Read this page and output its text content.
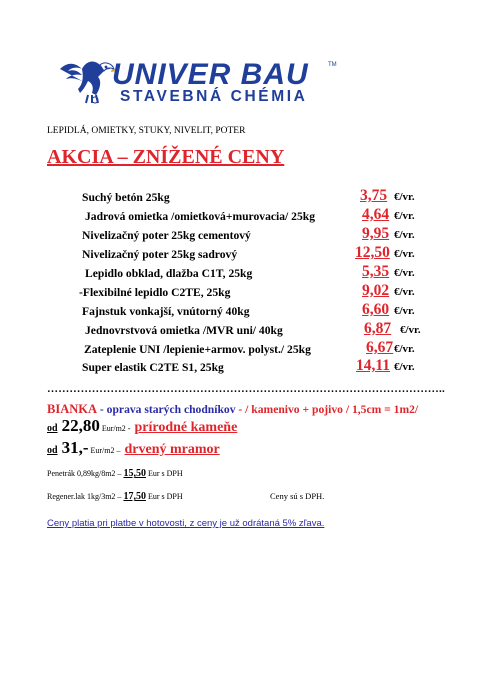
UNIVER BAU	TM
STAVEBNÁ CHÉMIA
LEPIDLÁ, OMIETKY, STUKY, NIVELIT, POTER
AKCIA – ZNÍŽENÉ CENY
Suchý betón 25kg	3,75 €/vr.
Jadrová omietka /omietková+murovacia/ 25kg	4,64 €/vr.
Nivelizačný poter 25kg cementový	9,95 €/vr.
Nivelizačný poter 25kg sadrový	12,50 €/vr.
Lepidlo obklad, dlažba C1T, 25kg	5,35 €/vr.
-Flexibilné lepidlo C2TE, 25kg	9,02 €/vr.
Fajnstuk vonkajší, vnútorný 40kg	6,60 €/vr.
Jednovrstvová omietka /MVR uni/ 40kg	6,87 €/vr.
Zateplenie UNI /lepienie+armov. polyst./ 25kg	6,67 €/vr.
Super elastik C2TE S1, 25kg	14,11 €/vr.
……………………………………………………………………………………………..
BIANKA - oprava starých chodníkov - / kamenivo + pojivo / 1,5cm = 1m2/
od 22,80 Eur/m2 - prírodné kameňe
od 31,- Eur/m2 – drvený mramor
Penetrák 0,89kg/8m2 – 15,50 Eur s DPH
Regener.lak 1kg/3m2 – 17,50 Eur s DPH	Ceny sú s DPH.
Ceny platia pri platbe v hotovosti, z ceny je už odrátaná 5% zľava.
